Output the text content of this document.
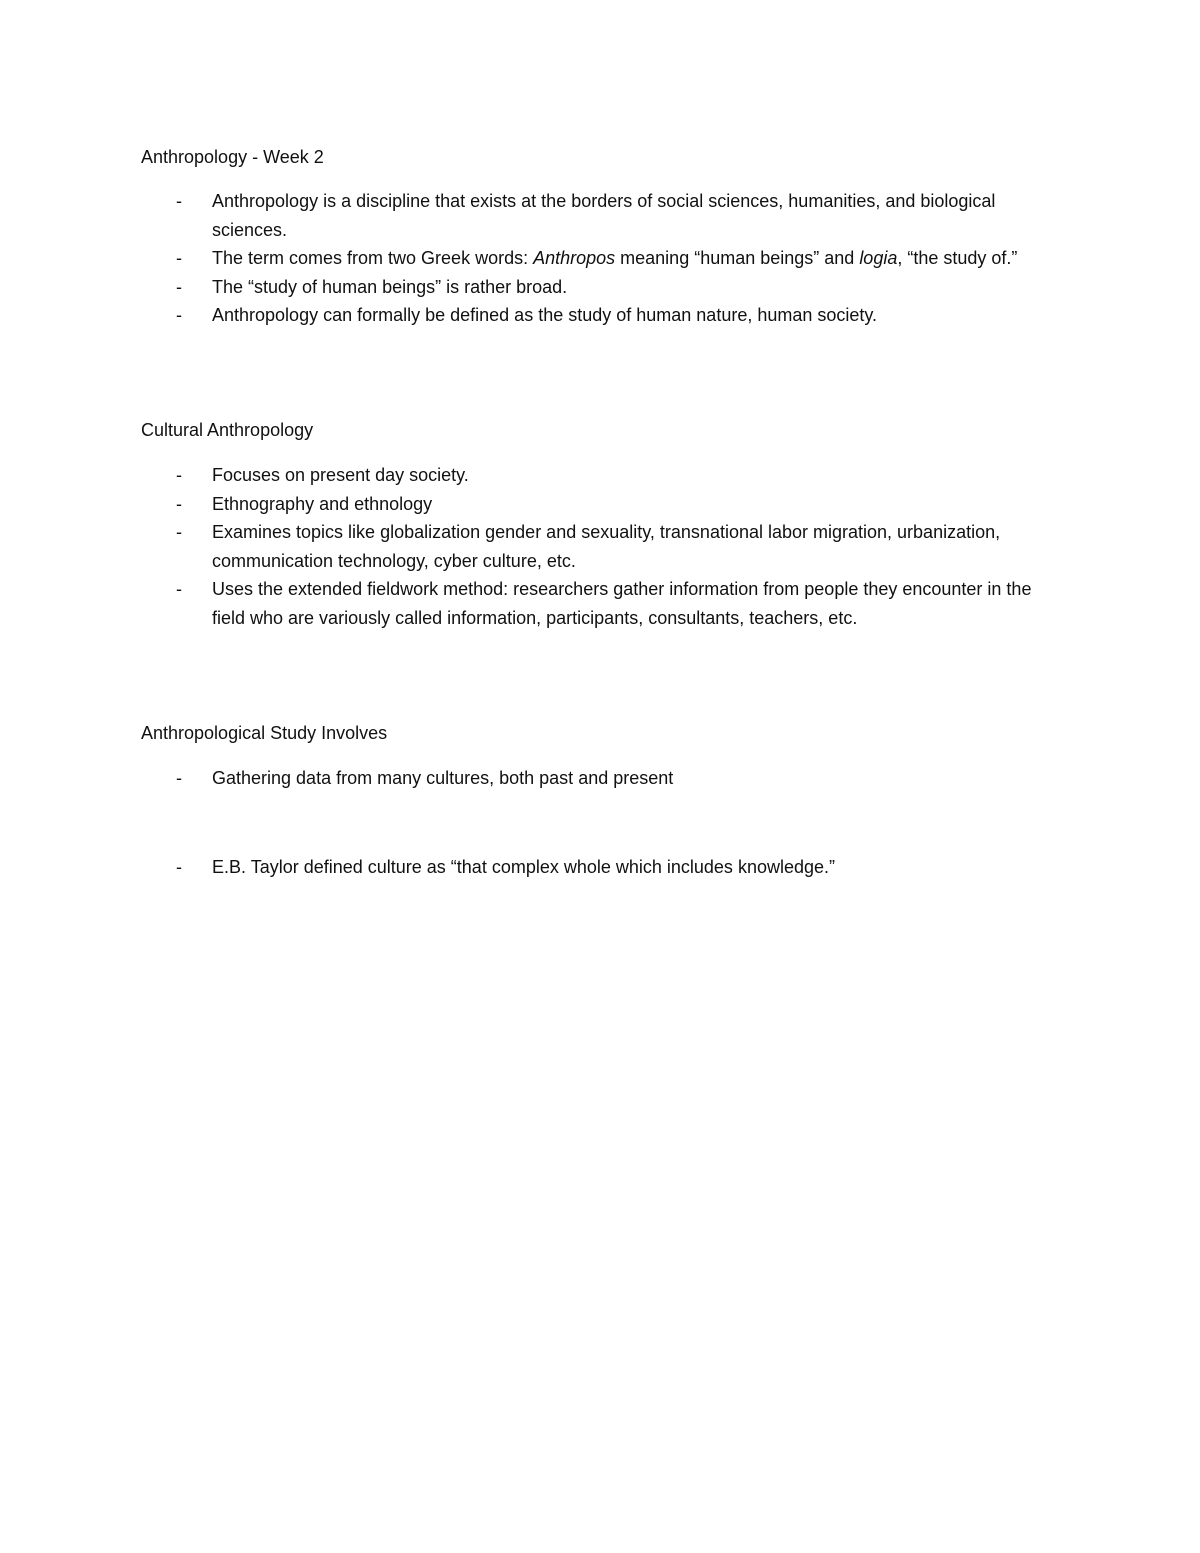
Anthropology - Week 2

- Anthropology is a discipline that exists at the borders of social sciences, humanities, and biological sciences.
- The term comes from two Greek words: Anthropos meaning “human beings” and logia, “the study of.”
- The “study of human beings” is rather broad.
- Anthropology can formally be defined as the study of human nature, human society.

Cultural Anthropology

- Focuses on present day society.
- Ethnography and ethnology
- Examines topics like globalization gender and sexuality, transnational labor migration, urbanization, communication technology, cyber culture, etc.
- Uses the extended fieldwork method: researchers gather information from people they encounter in the field who are variously called information, participants, consultants, teachers, etc.

Anthropological Study Involves

- Gathering data from many cultures, both past and present
- E.B. Taylor defined culture as “that complex whole which includes knowledge.”
